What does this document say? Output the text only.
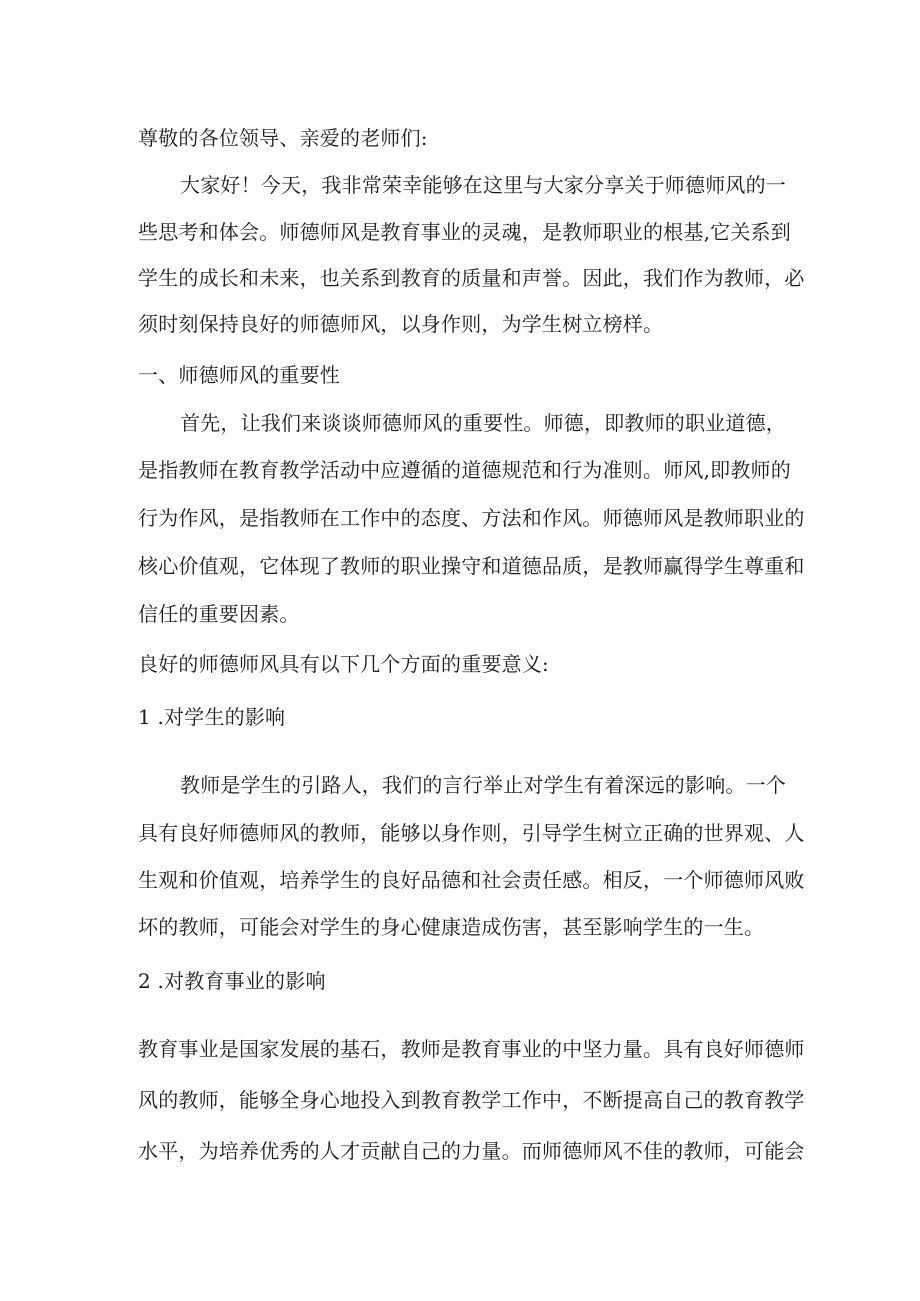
尊敬的各位领导、亲爱的老师们:
大家好！今天，我非常荣幸能够在这里与大家分享关于师德师风的一
些思考和体会。师德师风是教育事业的灵魂，是教师职业的根基,它关系到
学生的成长和未来，也关系到教育的质量和声誉。因此，我们作为教师，必
须时刻保持良好的师德师风，以身作则，为学生树立榜样。
一、师德师风的重要性
首先，让我们来谈谈师德师风的重要性。师德，即教师的职业道德，
是指教师在教育教学活动中应遵循的道德规范和行为准则。师风,即教师的
行为作风，是指教师在工作中的态度、方法和作风。师德师风是教师职业的
核心价值观，它体现了教师的职业操守和道德品质，是教师赢得学生尊重和
信任的重要因素。
良好的师德师风具有以下几个方面的重要意义:
1 .对学生的影响
教师是学生的引路人，我们的言行举止对学生有着深远的影响。一个
具有良好师德师风的教师，能够以身作则，引导学生树立正确的世界观、人
生观和价值观，培养学生的良好品德和社会责任感。相反，一个师德师风败
坏的教师，可能会对学生的身心健康造成伤害，甚至影响学生的一生。
2 .对教育事业的影响
教育事业是国家发展的基石，教师是教育事业的中坚力量。具有良好师德师
风的教师，能够全身心地投入到教育教学工作中，不断提高自己的教育教学
水平，为培养优秀的人才贡献自己的力量。而师德师风不佳的教师，可能会
